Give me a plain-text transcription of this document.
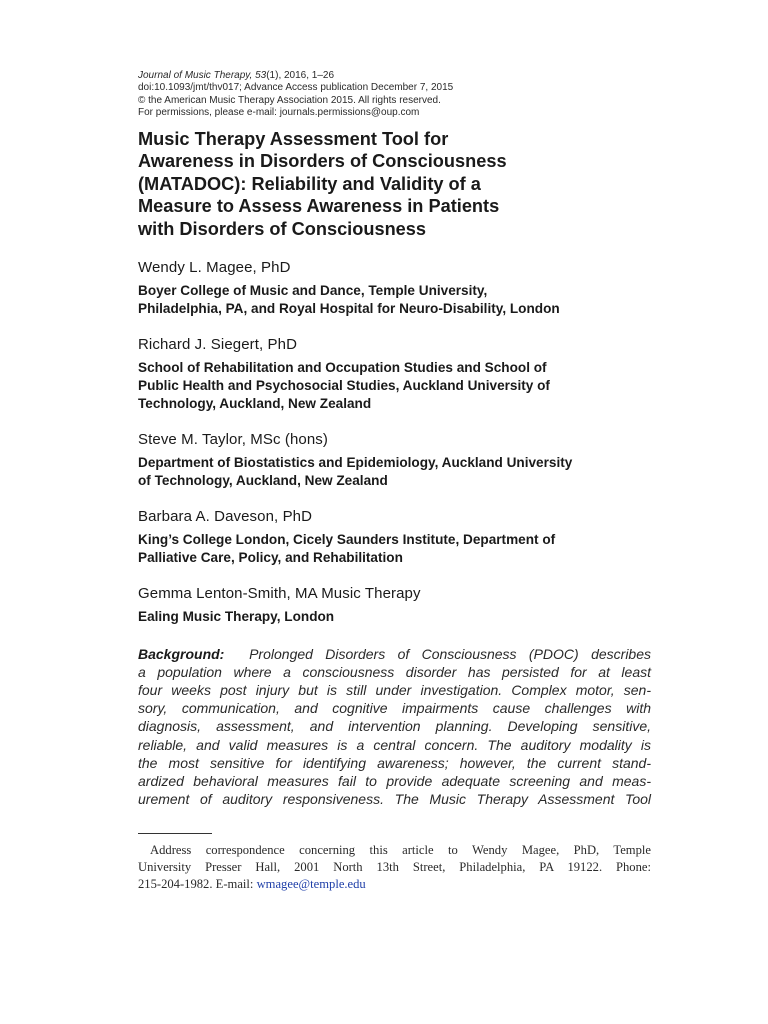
Journal of Music Therapy, 53(1), 2016, 1–26
doi:10.1093/jmt/thv017; Advance Access publication December 7, 2015
© the American Music Therapy Association 2015. All rights reserved.
For permissions, please e-mail: journals.permissions@oup.com
Music Therapy Assessment Tool for
Awareness in Disorders of Consciousness
(MATADOC): Reliability and Validity of a
Measure to Assess Awareness in Patients
with Disorders of Consciousness
Wendy L. Magee, PhD
Boyer College of Music and Dance, Temple University,
Philadelphia, PA, and Royal Hospital for Neuro-Disability, London
Richard J. Siegert, PhD
School of Rehabilitation and Occupation Studies and School of
Public Health and Psychosocial Studies, Auckland University of
Technology, Auckland, New Zealand
Steve M. Taylor, MSc (hons)
Department of Biostatistics and Epidemiology, Auckland University
of Technology, Auckland, New Zealand
Barbara A. Daveson, PhD
King’s College London, Cicely Saunders Institute, Department of
Palliative Care, Policy, and Rehabilitation
Gemma Lenton-Smith, MA Music Therapy
Ealing Music Therapy, London
Background: Prolonged Disorders of Consciousness (PDOC) describes
a population where a consciousness disorder has persisted for at least
four weeks post injury but is still under investigation. Complex motor, sen-
sory, communication, and cognitive impairments cause challenges with
diagnosis, assessment, and intervention planning. Developing sensitive,
reliable, and valid measures is a central concern. The auditory modality is
the most sensitive for identifying awareness; however, the current stand-
ardized behavioral measures fail to provide adequate screening and meas-
urement of auditory responsiveness. The Music Therapy Assessment Tool
Address correspondence concerning this article to Wendy Magee, PhD, Temple
University Presser Hall, 2001 North 13th Street, Philadelphia, PA 19122. Phone:
215-204-1982. E-mail: wmagee@temple.edu
